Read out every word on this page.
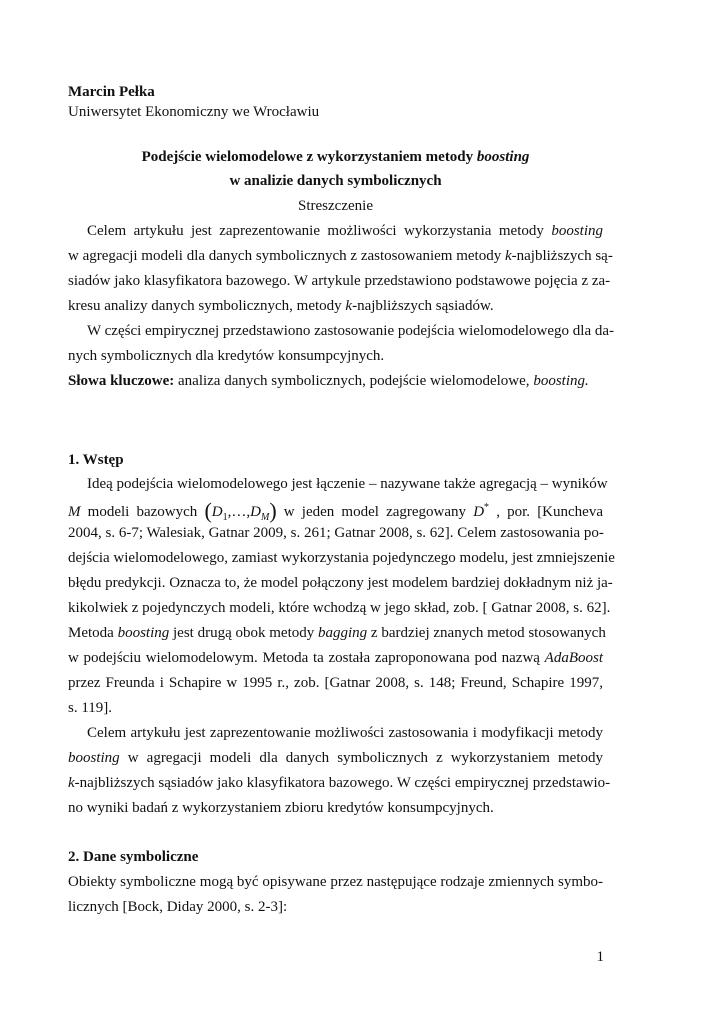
Marcin Pełka
Uniwersytet Ekonomiczny we Wrocławiu
Podejście wielomodelowe z wykorzystaniem metody boosting
w analizie danych symbolicznych
Streszczenie
Celem artykułu jest zaprezentowanie możliwości wykorzystania metody boosting
w agregacji modeli dla danych symbolicznych z zastosowaniem metody k-najbliższych są-
siadów jako klasyfikatora bazowego. W artykule przedstawiono podstawowe pojęcia z za-
kresu analizy danych symbolicznych, metody k-najbliższych sąsiadów.
W części empirycznej przedstawiono zastosowanie podejścia wielomodelowego dla da-
nych symbolicznych dla kredytów konsumpcyjnych.
Słowa kluczowe: analiza danych symbolicznych, podejście wielomodelowe, boosting.
1. Wstęp
Ideą podejścia wielomodelowego jest łączenie – nazywane także agregacją – wyników
M modeli bazowych $(D_1,\dots,D_M)$ w jeden model zagregowany D* , por. [Kuncheva
2004, s. 6-7; Walesiak, Gatnar 2009, s. 261; Gatnar 2008, s. 62]. Celem zastosowania po-
dejścia wielomodelowego, zamiast wykorzystania pojedynczego modelu, jest zmniejszenie
błędu predykcji. Oznacza to, że model połączony jest modelem bardziej dokładnym niż ja-
kikolwiek z pojedynczych modeli, które wchodzą w jego skład, zob. [ Gatnar 2008, s. 62].
Metoda boosting jest drugą obok metody bagging z bardziej znanych metod stosowanych
w podejściu wielomodelowym. Metoda ta została zaproponowana pod nazwą AdaBoost
przez Freunda i Schapire w 1995 r., zob. [Gatnar 2008, s. 148; Freund, Schapire 1997,
s. 119].
Celem artykułu jest zaprezentowanie możliwości zastosowania i modyfikacji metody
boosting w agregacji modeli dla danych symbolicznych z wykorzystaniem metody
k-najbliższych sąsiadów jako klasyfikatora bazowego. W części empirycznej przedstawio-
no wyniki badań z wykorzystaniem zbioru kredytów konsumpcyjnych.
2. Dane symboliczne
Obiekty symboliczne mogą być opisywane przez następujące rodzaje zmiennych symbo-
licznych [Bock, Diday 2000, s. 2-3]:
1
